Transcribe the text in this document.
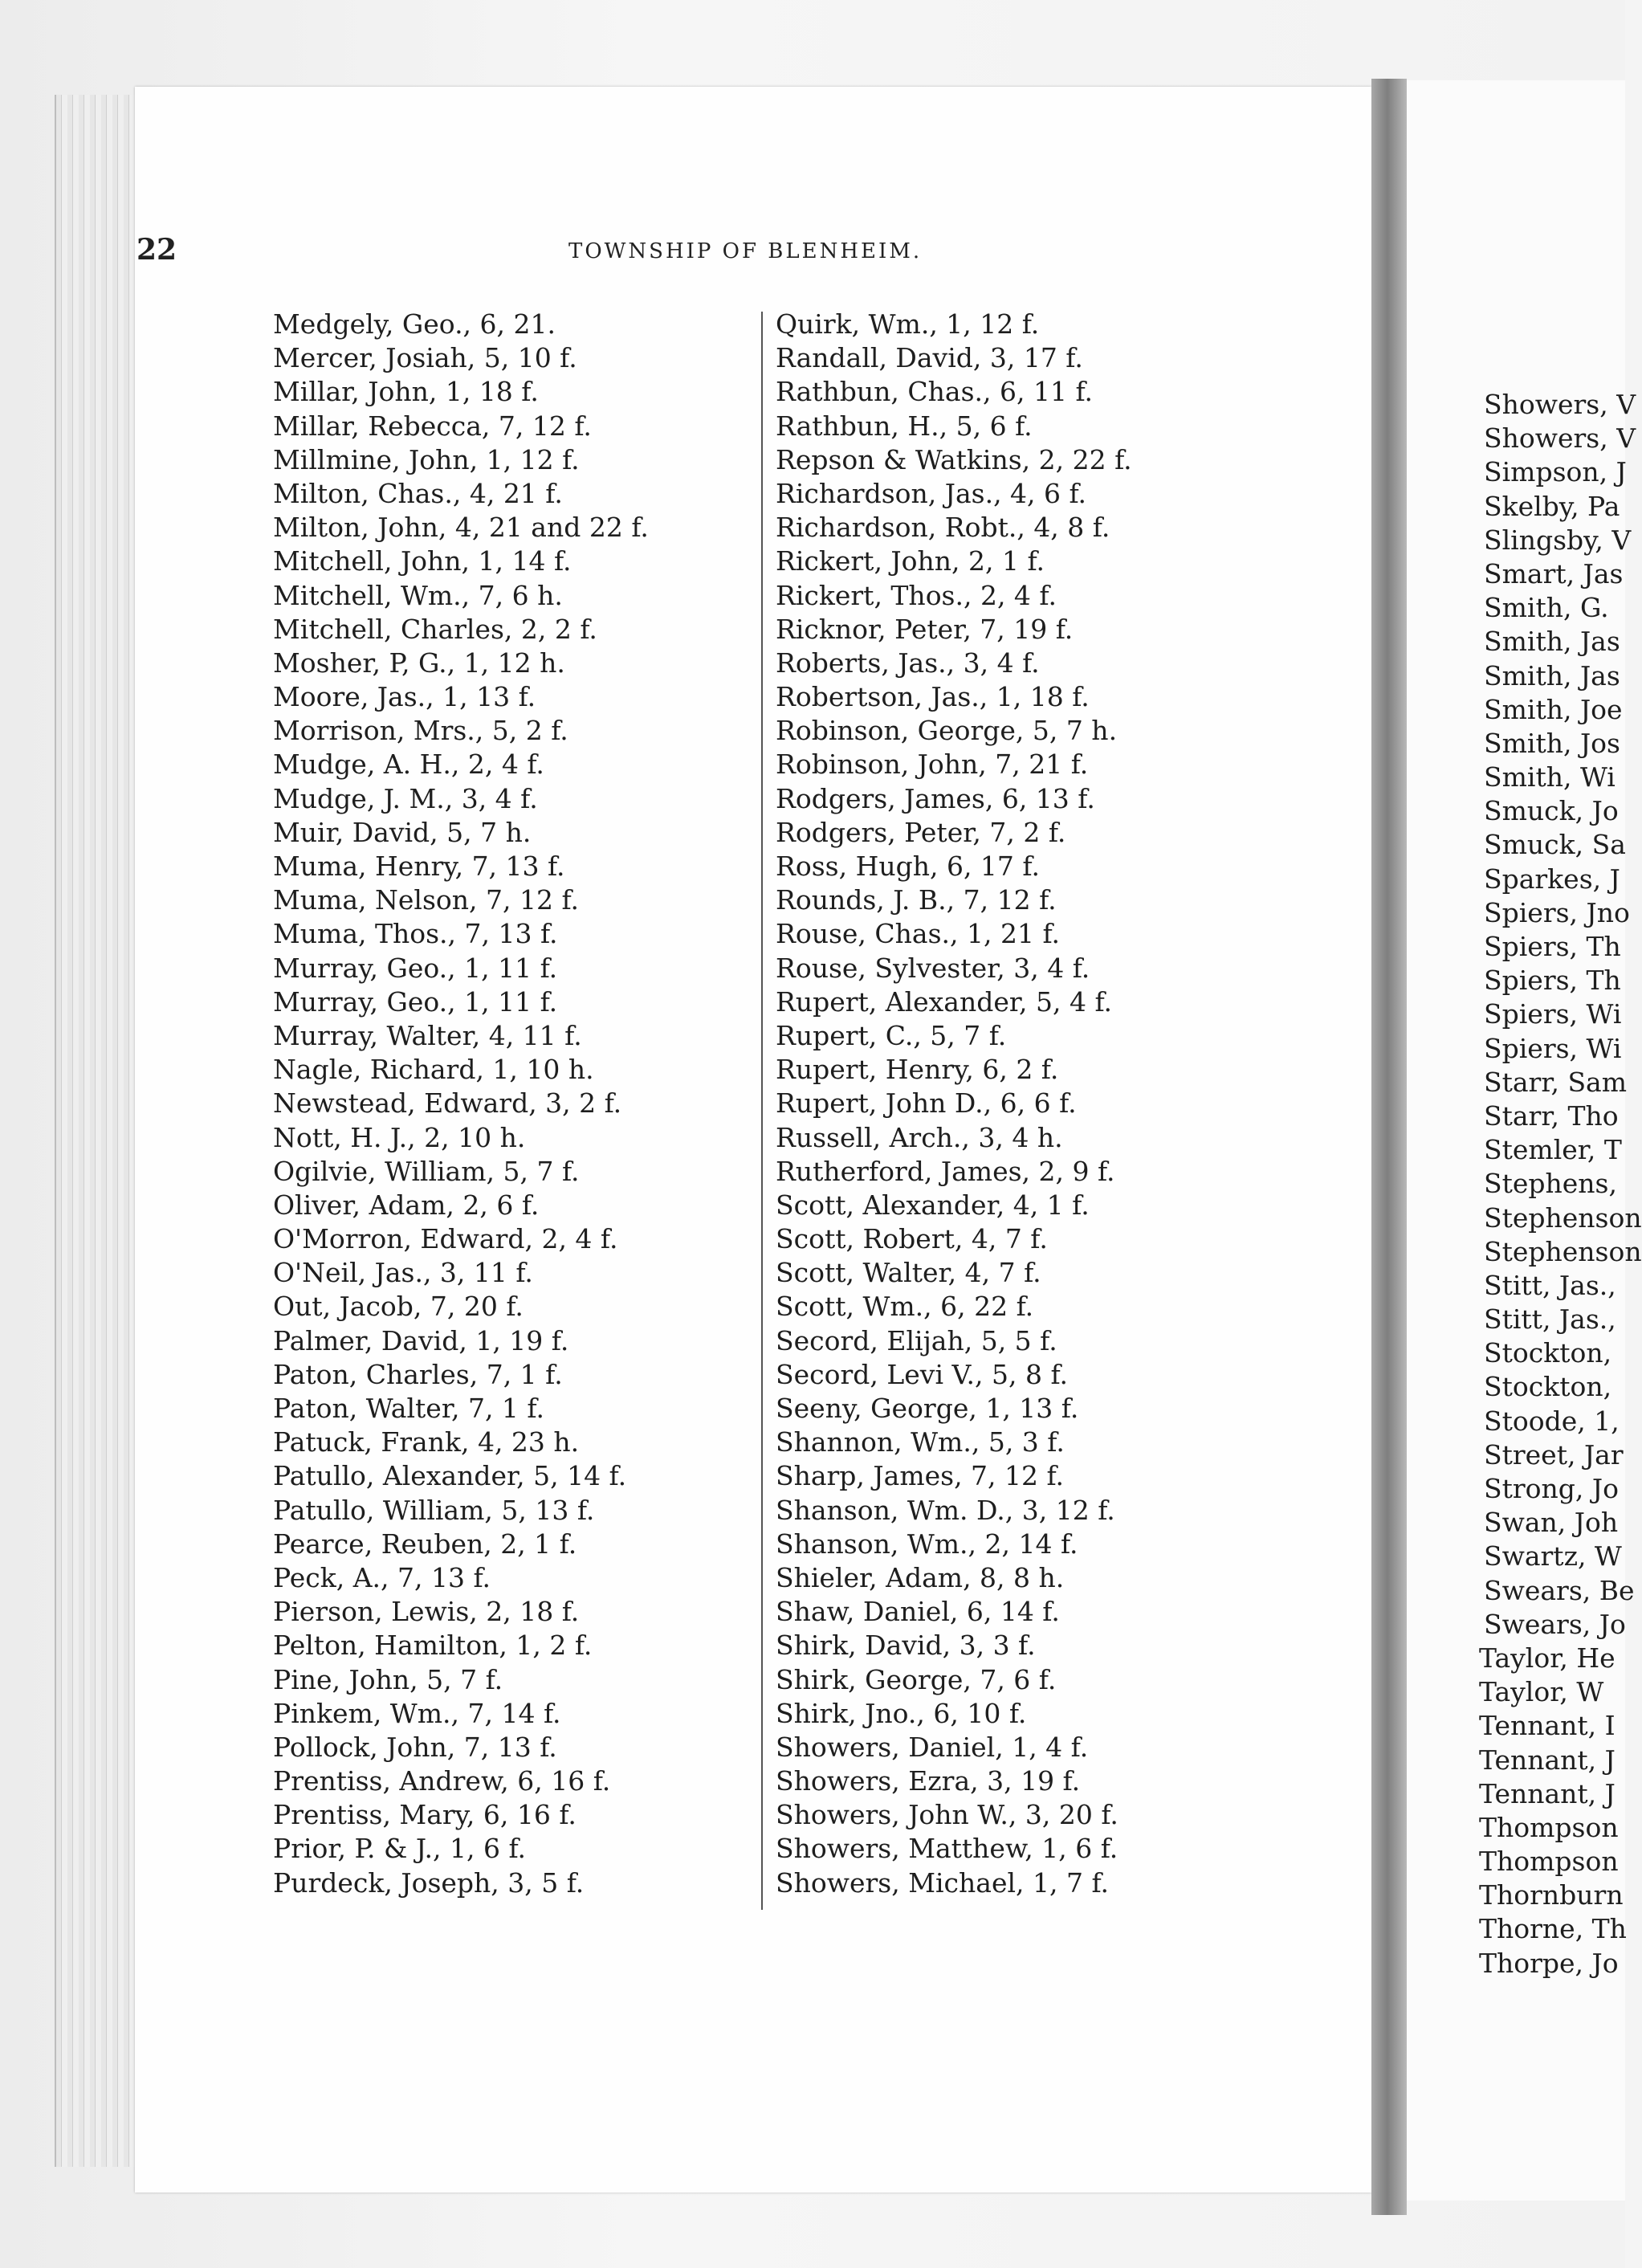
22	TOWNSHIP OF BLENHEIM.
Medgely, Geo., 6, 21.
Mercer, Josiah, 5, 10 f.
Millar, John, 1, 18 f.
Millar, Rebecca, 7, 12 f.
Millmine, John, 1, 12 f.
Milton, Chas., 4, 21 f.
Milton, John, 4, 21 and 22 f.
Mitchell, John, 1, 14 f.
Mitchell, Wm., 7, 6 h.
Mitchell, Charles, 2, 2 f.
Mosher, P, G., 1, 12 h.
Moore, Jas., 1, 13 f.
Morrison, Mrs., 5, 2 f.
Mudge, A. H., 2, 4 f.
Mudge, J. M., 3, 4 f.
Muir, David, 5, 7 h.
Muma, Henry, 7, 13 f.
Muma, Nelson, 7, 12 f.
Muma, Thos., 7, 13 f.
Murray, Geo., 1, 11 f.
Murray, Geo., 1, 11 f.
Murray, Walter, 4, 11 f.
Nagle, Richard, 1, 10 h.
Newstead, Edward, 3, 2 f.
Nott, H. J., 2, 10 h.
Ogilvie, William, 5, 7 f.
Oliver, Adam, 2, 6 f.
O'Morron, Edward, 2, 4 f.
O'Neil, Jas., 3, 11 f.
Out, Jacob, 7, 20 f.
Palmer, David, 1, 19 f.
Paton, Charles, 7, 1 f.
Paton, Walter, 7, 1 f.
Patuck, Frank, 4, 23 h.
Patullo, Alexander, 5, 14 f.
Patullo, William, 5, 13 f.
Pearce, Reuben, 2, 1 f.
Peck, A., 7, 13 f.
Pierson, Lewis, 2, 18 f.
Pelton, Hamilton, 1, 2 f.
Pine, John, 5, 7 f.
Pinkem, Wm., 7, 14 f.
Pollock, John, 7, 13 f.
Prentiss, Andrew, 6, 16 f.
Prentiss, Mary, 6, 16 f.
Prior, P. & J., 1, 6 f.
Purdeck, Joseph, 3, 5 f.
Quirk, Wm., 1, 12 f.
Randall, David, 3, 17 f.
Rathbun, Chas., 6, 11 f.
Rathbun, H., 5, 6 f.
Repson & Watkins, 2, 22 f.
Richardson, Jas., 4, 6 f.
Richardson, Robt., 4, 8 f.
Rickert, John, 2, 1 f.
Rickert, Thos., 2, 4 f.
Ricknor, Peter, 7, 19 f.
Roberts, Jas., 3, 4 f.
Robertson, Jas., 1, 18 f.
Robinson, George, 5, 7 h.
Robinson, John, 7, 21 f.
Rodgers, James, 6, 13 f.
Rodgers, Peter, 7, 2 f.
Ross, Hugh, 6, 17 f.
Rounds, J. B., 7, 12 f.
Rouse, Chas., 1, 21 f.
Rouse, Sylvester, 3, 4 f.
Rupert, Alexander, 5, 4 f.
Rupert, C., 5, 7 f.
Rupert, Henry, 6, 2 f.
Rupert, John D., 6, 6 f.
Russell, Arch., 3, 4 h.
Rutherford, James, 2, 9 f.
Scott, Alexander, 4, 1 f.
Scott, Robert, 4, 7 f.
Scott, Walter, 4, 7 f.
Scott, Wm., 6, 22 f.
Secord, Elijah, 5, 5 f.
Secord, Levi V., 5, 8 f.
Seeny, George, 1, 13 f.
Shannon, Wm., 5, 3 f.
Sharp, James, 7, 12 f.
Shanson, Wm. D., 3, 12 f.
Shanson, Wm., 2, 14 f.
Shieler, Adam, 8, 8 h.
Shaw, Daniel, 6, 14 f.
Shirk, David, 3, 3 f.
Shirk, George, 7, 6 f.
Shirk, Jno., 6, 10 f.
Showers, Daniel, 1, 4 f.
Showers, Ezra, 3, 19 f.
Showers, John W., 3, 20 f.
Showers, Matthew, 1, 6 f.
Showers, Michael, 1, 7 f.
Showers, V
Showers, V
Simpson, J
Skelby, Pa
Slingsby, V
Smart, Jas
Smith, G.
Smith, Jas
Smith, Jas
Smith, Joe
Smith, Jos
Smith, Wi
Smuck, Jo
Smuck, Sa
Sparkes, J
Spiers, Jno
Spiers, Th
Spiers, Th
Spiers, Wi
Spiers, Wi
Starr, Sam
Starr, Tho
Stemler, T
Stephens,
Stephenson
Stephenson
Stitt, Jas.,
Stitt, Jas.,
Stockton,
Stockton,
Stoode, 1,
Street, Jar
Strong, Jo
Swan, Joh
Swartz, W
Swears, Be
Swears, Jo
Taylor, He
Taylor, W
Tennant, I
Tennant, J
Tennant, J
Thompson
Thompson
Thornburn
Thorne, Th
Thorpe, Jo
